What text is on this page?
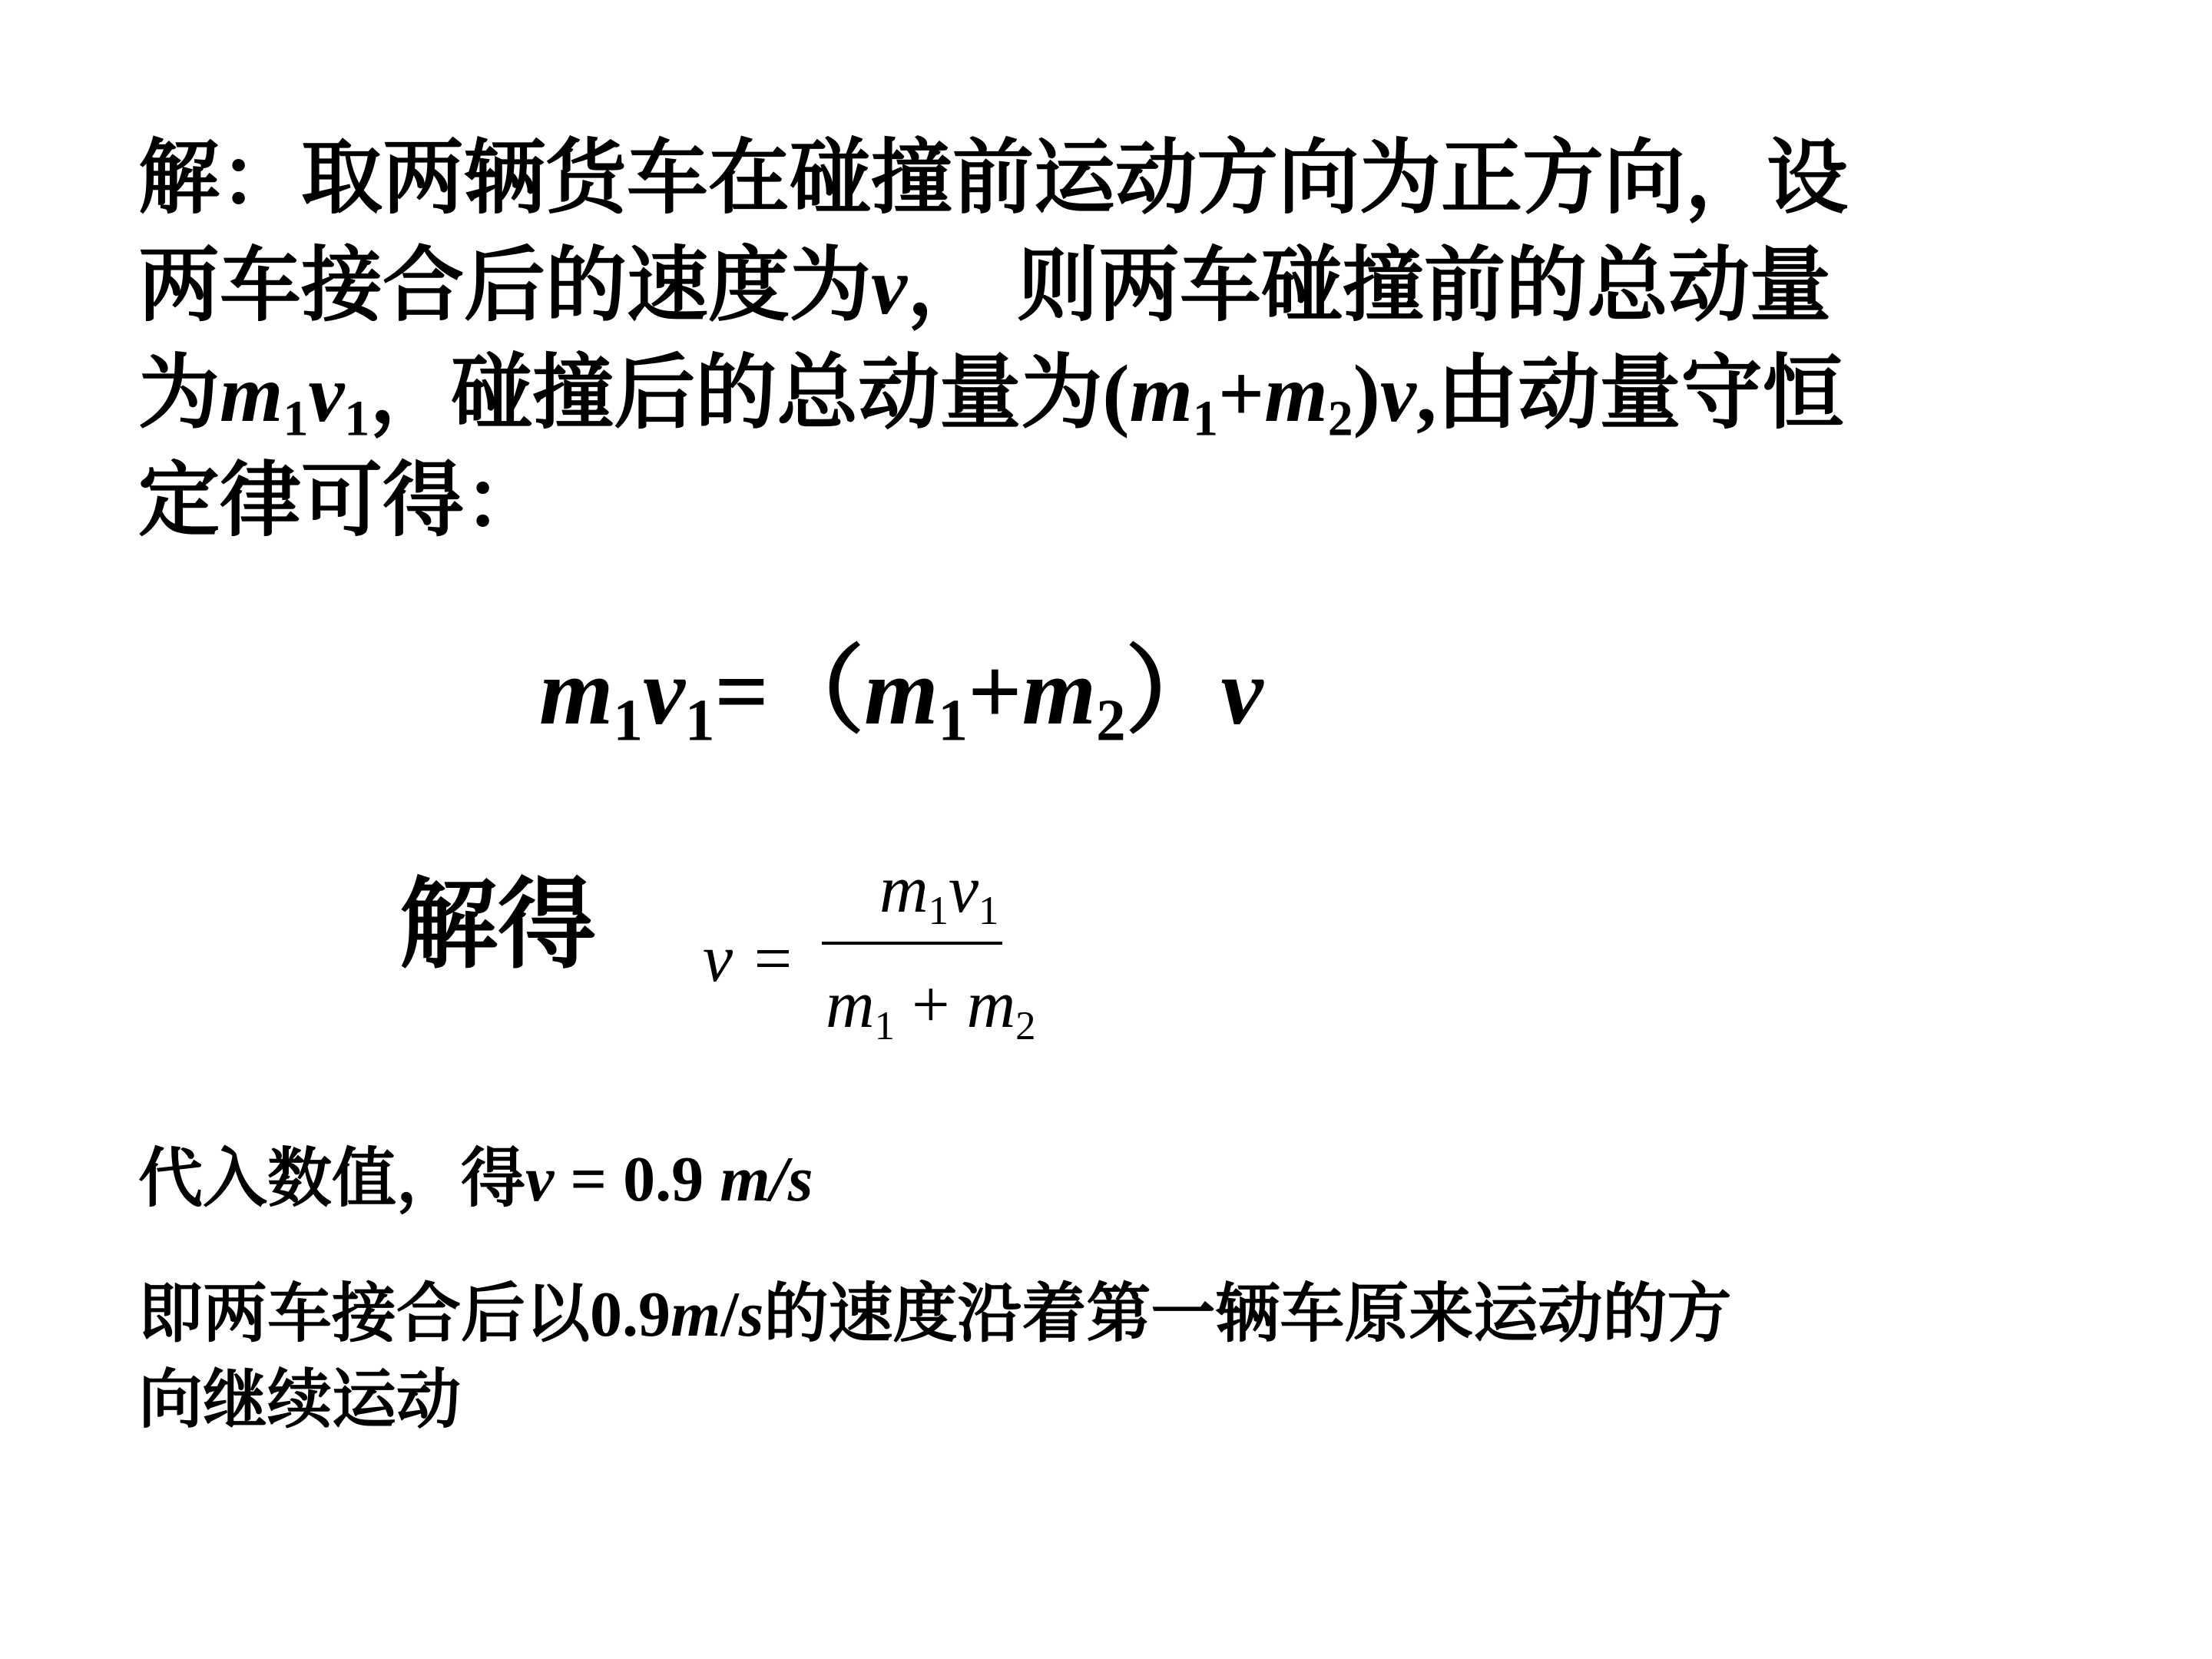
解：取两辆货车在碰撞前运动方向为正方向，设
两车接合后的速度为v， 则两车碰撞前的总动量
为$m_1v_1$，碰撞后的总动量为$(m_1+m_2)v$,由动量守恒
定律可得：
$m_1v_1=(m_1+m_2)v$
解得 v =
$m_1v_1$
$m_1 + m_2$
代入数值，得v = 0.9 m/s
即两车接合后以0.9m/s的速度沿着第一辆车原来运动的方
向继续运动
